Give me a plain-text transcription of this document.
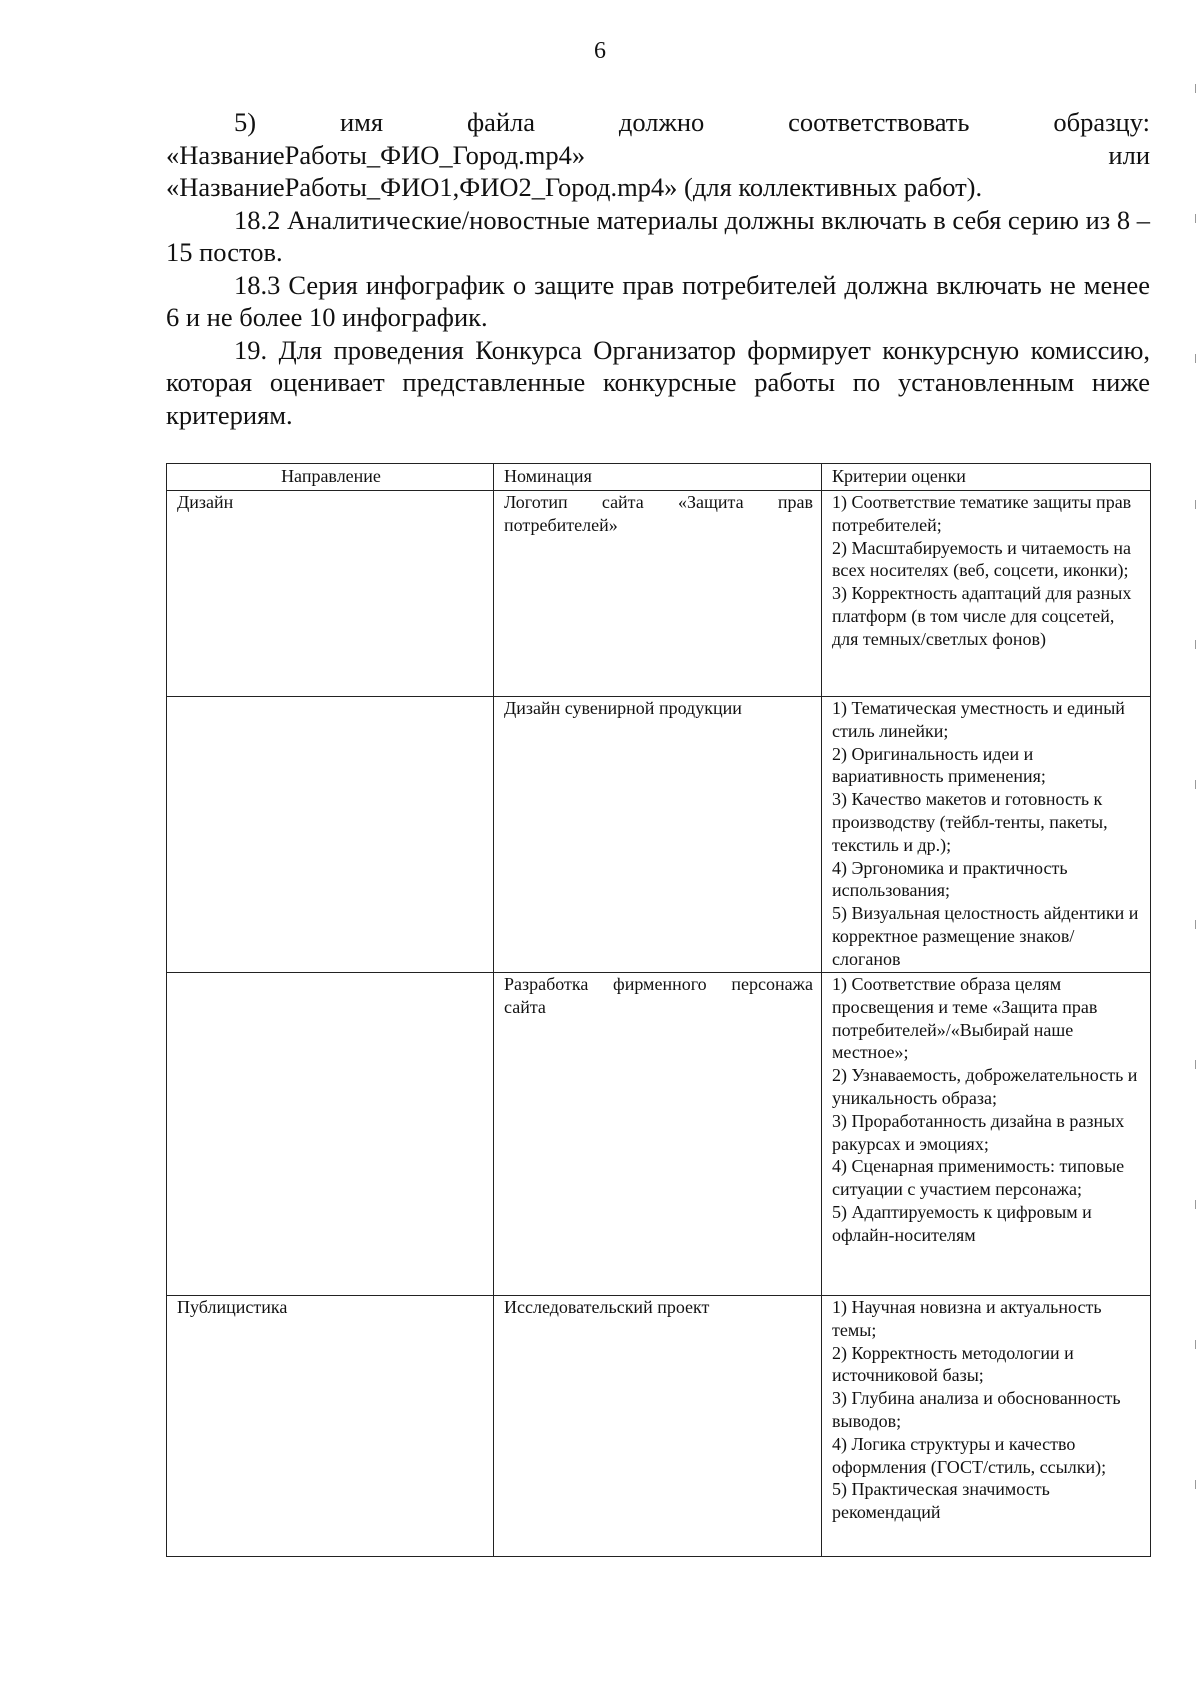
6

5) имя файла должно соответствовать образцу: «НазваниеРаботы_ФИО_Город.mp4» или «НазваниеРаботы_ФИО1,ФИО2_Город.mp4» (для коллективных работ).

18.2 Аналитические/новостные материалы должны включать в себя серию из 8 – 15 постов.

18.3 Серия инфографик о защите прав потребителей должна включать не менее 6 и не более 10 инфографик.

19. Для проведения Конкурса Организатор формирует конкурсную комиссию, которая оценивает представленные конкурсные работы по установленным ниже критериям.

Направление	Номинация	Критерии оценки
Дизайн	Логотип сайта «Защита прав потребителей»	1) Соответствие тематике защиты прав потребителей;
2) Масштабируемость и читаемость на всех носителях (веб, соцсети, иконки);
3) Корректность адаптаций для разных платформ (в том числе для соцсетей, для темных/светлых фонов)

	Дизайн сувенирной продукции	1) Тематическая уместность и единый стиль линейки;
2) Оригинальность идеи и вариативность применения;
3) Качество макетов и готовность к производству (тейбл-тенты, пакеты, текстиль и др.);
4) Эргономика и практичность использования;
5) Визуальная целостность айдентики и корректное размещение знаков/слоганов

	Разработка фирменного персонажа сайта	1) Соответствие образа целям просвещения и теме «Защита прав потребителей»/«Выбирай наше местное»;
2) Узнаваемость, доброжелательность и уникальность образа;
3) Проработанность дизайна в разных ракурсах и эмоциях;
4) Сценарная применимость: типовые ситуации с участием персонажа;
5) Адаптируемость к цифровым и офлайн-носителям

Публицистика	Исследовательский проект	1) Научная новизна и актуальность темы;
2) Корректность методологии и источниковой базы;
3) Глубина анализа и обоснованность выводов;
4) Логика структуры и качество оформления (ГОСТ/стиль, ссылки);
5) Практическая значимость рекомендаций
